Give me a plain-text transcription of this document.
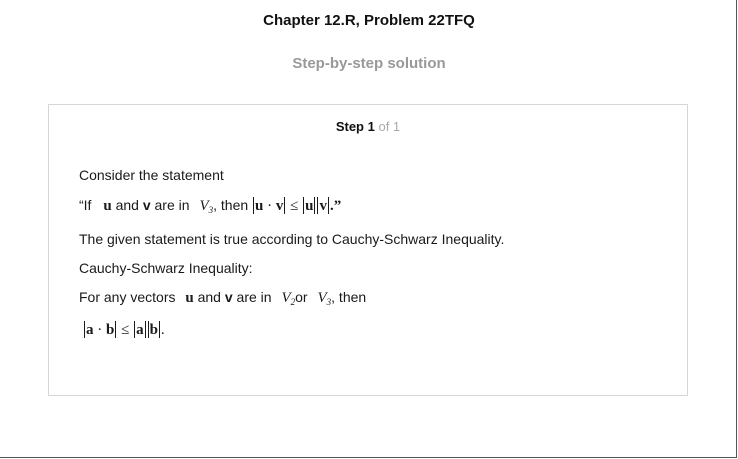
Chapter 12.R, Problem 22TFQ
Step-by-step solution
Step 1 of 1
Consider the statement
“If u and v are in $V_3$, then u · v ≤ u v .”
The given statement is true according to Cauchy-Schwarz Inequality.
Cauchy-Schwarz Inequality:
For any vectors u and v are in $V_2or$ $V_3$, then
a · b ≤ a b .
